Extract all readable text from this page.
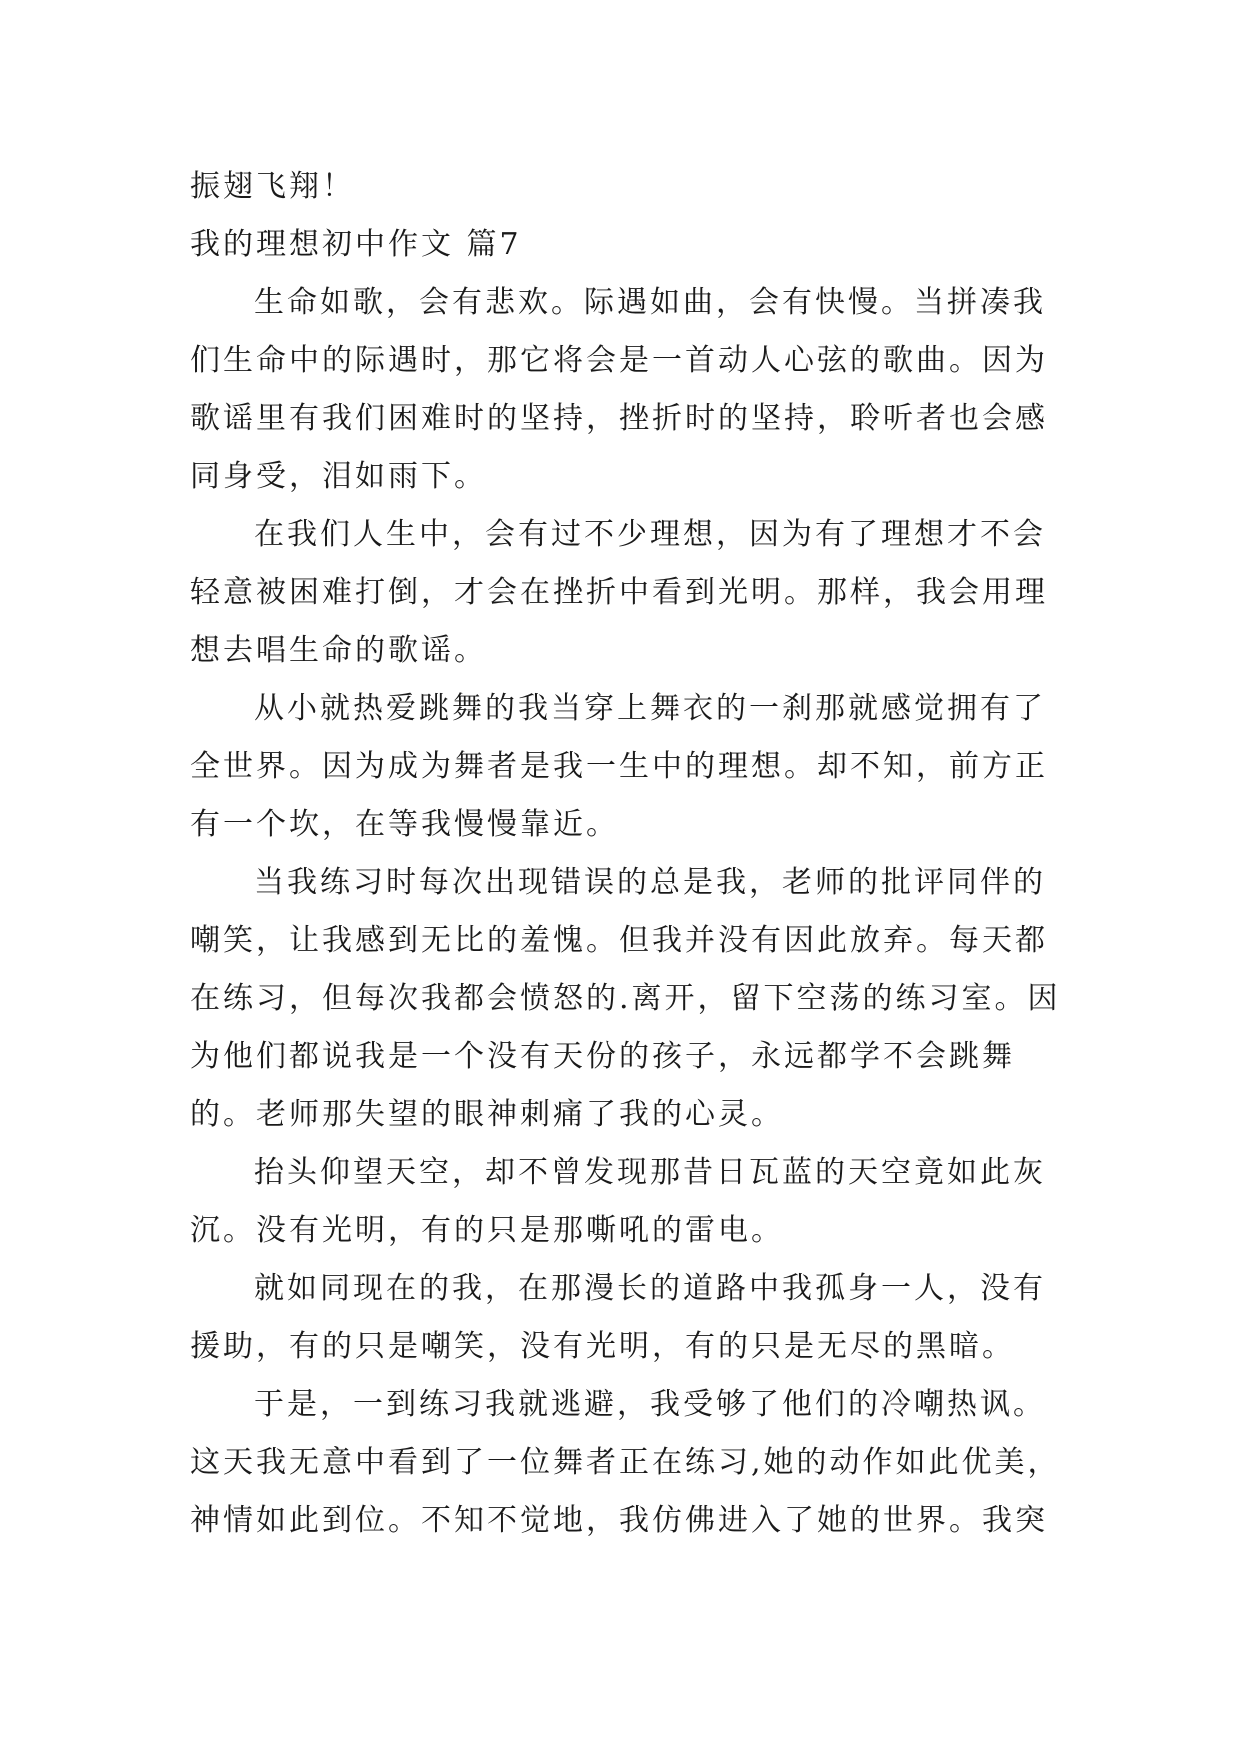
振翅飞翔！

我的理想初中作文 篇7

生命如歌，会有悲欢。际遇如曲，会有快慢。当拼凑我们生命中的际遇时，那它将会是一首动人心弦的歌曲。因为歌谣里有我们困难时的坚持，挫折时的坚持，聆听者也会感同身受，泪如雨下。

在我们人生中，会有过不少理想，因为有了理想才不会轻意被困难打倒，才会在挫折中看到光明。那样，我会用理想去唱生命的歌谣。

从小就热爱跳舞的我当穿上舞衣的一刹那就感觉拥有了全世界。因为成为舞者是我一生中的理想。却不知，前方正有一个坎，在等我慢慢靠近。

当我练习时每次出现错误的总是我，老师的批评同伴的嘲笑，让我感到无比的羞愧。但我并没有因此放弃。每天都在练习，但每次我都会愤怒的.离开，留下空荡的练习室。因为他们都说我是一个没有天份的孩子，永远都学不会跳舞的。老师那失望的眼神刺痛了我的心灵。

抬头仰望天空，却不曾发现那昔日瓦蓝的天空竟如此灰沉。没有光明，有的只是那嘶吼的雷电。

就如同现在的我，在那漫长的道路中我孤身一人，没有援助，有的只是嘲笑，没有光明，有的只是无尽的黑暗。

于是，一到练习我就逃避，我受够了他们的冷嘲热讽。这天我无意中看到了一位舞者正在练习,她的动作如此优美，神情如此到位。不知不觉地，我仿佛进入了她的世界。我突
